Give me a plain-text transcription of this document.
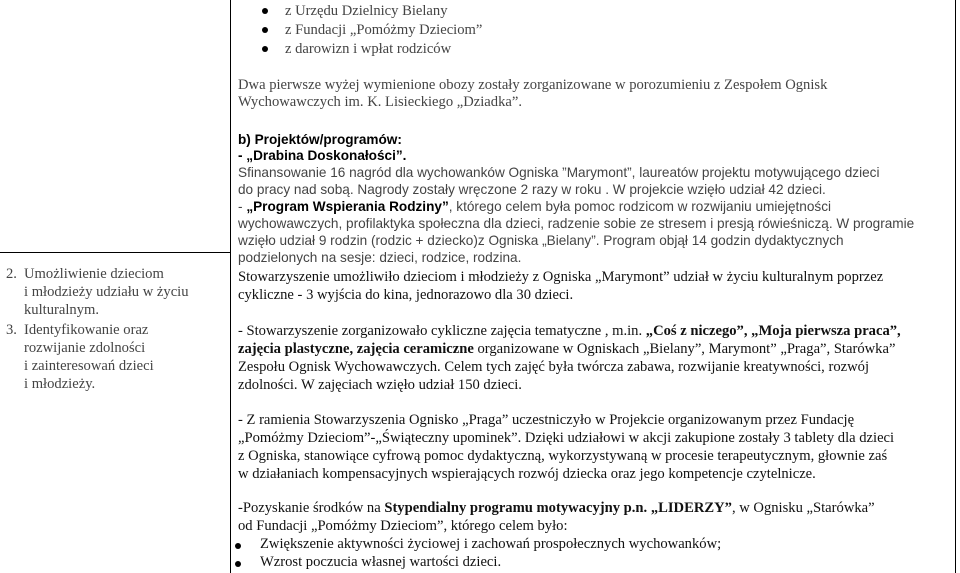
z Urzędu Dzielnicy Bielany
z Fundacji „Pomóżmy Dzieciom”
z darowizn i wpłat rodziców
Dwa pierwsze wyżej wymienione obozy zostały zorganizowane w porozumieniu z Zespołem Ognisk
Wychowawczych im. K. Lisieckiego „Dziadka”.
2. Umożliwienie dzieciom
i młodzieży udziału w życiu
kulturalnym.
3. Identyfikowanie oraz
rozwijanie zdolności
i zainteresowań dzieci
i młodzieży.
b) Projektów/programów:
- „Drabina Doskonałości”.
Sfinansowanie 16 nagród dla wychowanków Ogniska ”Marymont”, laureatów projektu motywującego dzieci
do pracy nad sobą. Nagrody zostały wręczone 2 razy w roku . W projekcie wzięło udział 42 dzieci.
- „Program Wspierania Rodziny”, którego celem była pomoc rodzicom w rozwijaniu umiejętności
wychowawczych, profilaktyka społeczna dla dzieci, radzenie sobie ze stresem i presją rówieśniczą. W programie
wzięło udział 9 rodzin (rodzic + dziecko)z Ogniska „Bielany”. Program objął 14 godzin dydaktycznych
podzielonych na sesje: dzieci, rodzice, rodzina.
Stowarzyszenie umożliwiło dzieciom i młodzieży z Ogniska „Marymont” udział w życiu kulturalnym poprzez
cykliczne - 3 wyjścia do kina, jednorazowo dla 30 dzieci.
- Stowarzyszenie zorganizowało cykliczne zajęcia tematyczne , m.in. „Coś z niczego”, „Moja pierwsza praca”,
zajęcia plastyczne, zajęcia ceramiczne organizowane w Ogniskach „Bielany”, Marymont” „Praga”, Starówka”
Zespołu Ognisk Wychowawczych. Celem tych zajęć była twórcza zabawa, rozwijanie kreatywności, rozwój
zdolności. W zajęciach wzięło udział 150 dzieci.
- Z ramienia Stowarzyszenia Ognisko „Praga” uczestniczyło w Projekcie organizowanym przez Fundację
„Pomóżmy Dzieciom”-„Świąteczny upominek”. Dzięki udziałowi w akcji zakupione zostały 3 tablety dla dzieci
z Ogniska, stanowiące cyfrową pomoc dydaktyczną, wykorzystywaną w procesie terapeutycznym, głownie zaś
w działaniach kompensacyjnych wspierających rozwój dziecka oraz jego kompetencje czytelnicze.
-Pozyskanie środków na Stypendialny programu motywacyjny p.n. „LIDERZY”, w Ognisku „Starówka”
od Fundacji „Pomóżmy Dzieciom”, którego celem było:
Zwiększenie aktywności życiowej i zachowań prospołecznych wychowanków;
Wzrost poczucia własnej wartości dzieci.
